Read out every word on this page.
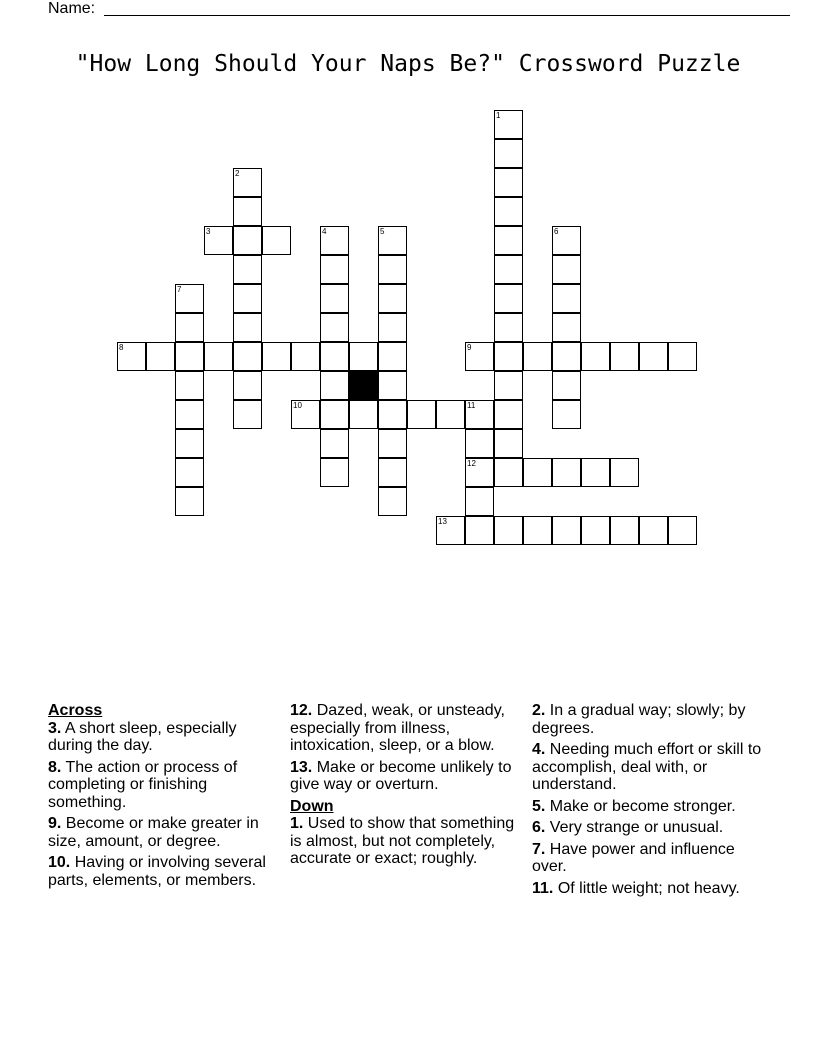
Name:
"How Long Should Your Naps Be?" Crossword Puzzle
1
2
3	4	5	6
7
8	9
10	11
12
13
Across
3. A short sleep, especially during the day.
8. The action or process of completing or finishing something.
9. Become or make greater in size, amount, or degree.
10. Having or involving several parts, elements, or members.
12. Dazed, weak, or unsteady, especially from illness, intoxication, sleep, or a blow.
13. Make or become unlikely to give way or overturn.
Down
1. Used to show that something is almost, but not completely, accurate or exact; roughly.
2. In a gradual way; slowly; by degrees.
4. Needing much effort or skill to accomplish, deal with, or understand.
5. Make or become stronger.
6. Very strange or unusual.
7. Have power and influence over.
11. Of little weight; not heavy.
